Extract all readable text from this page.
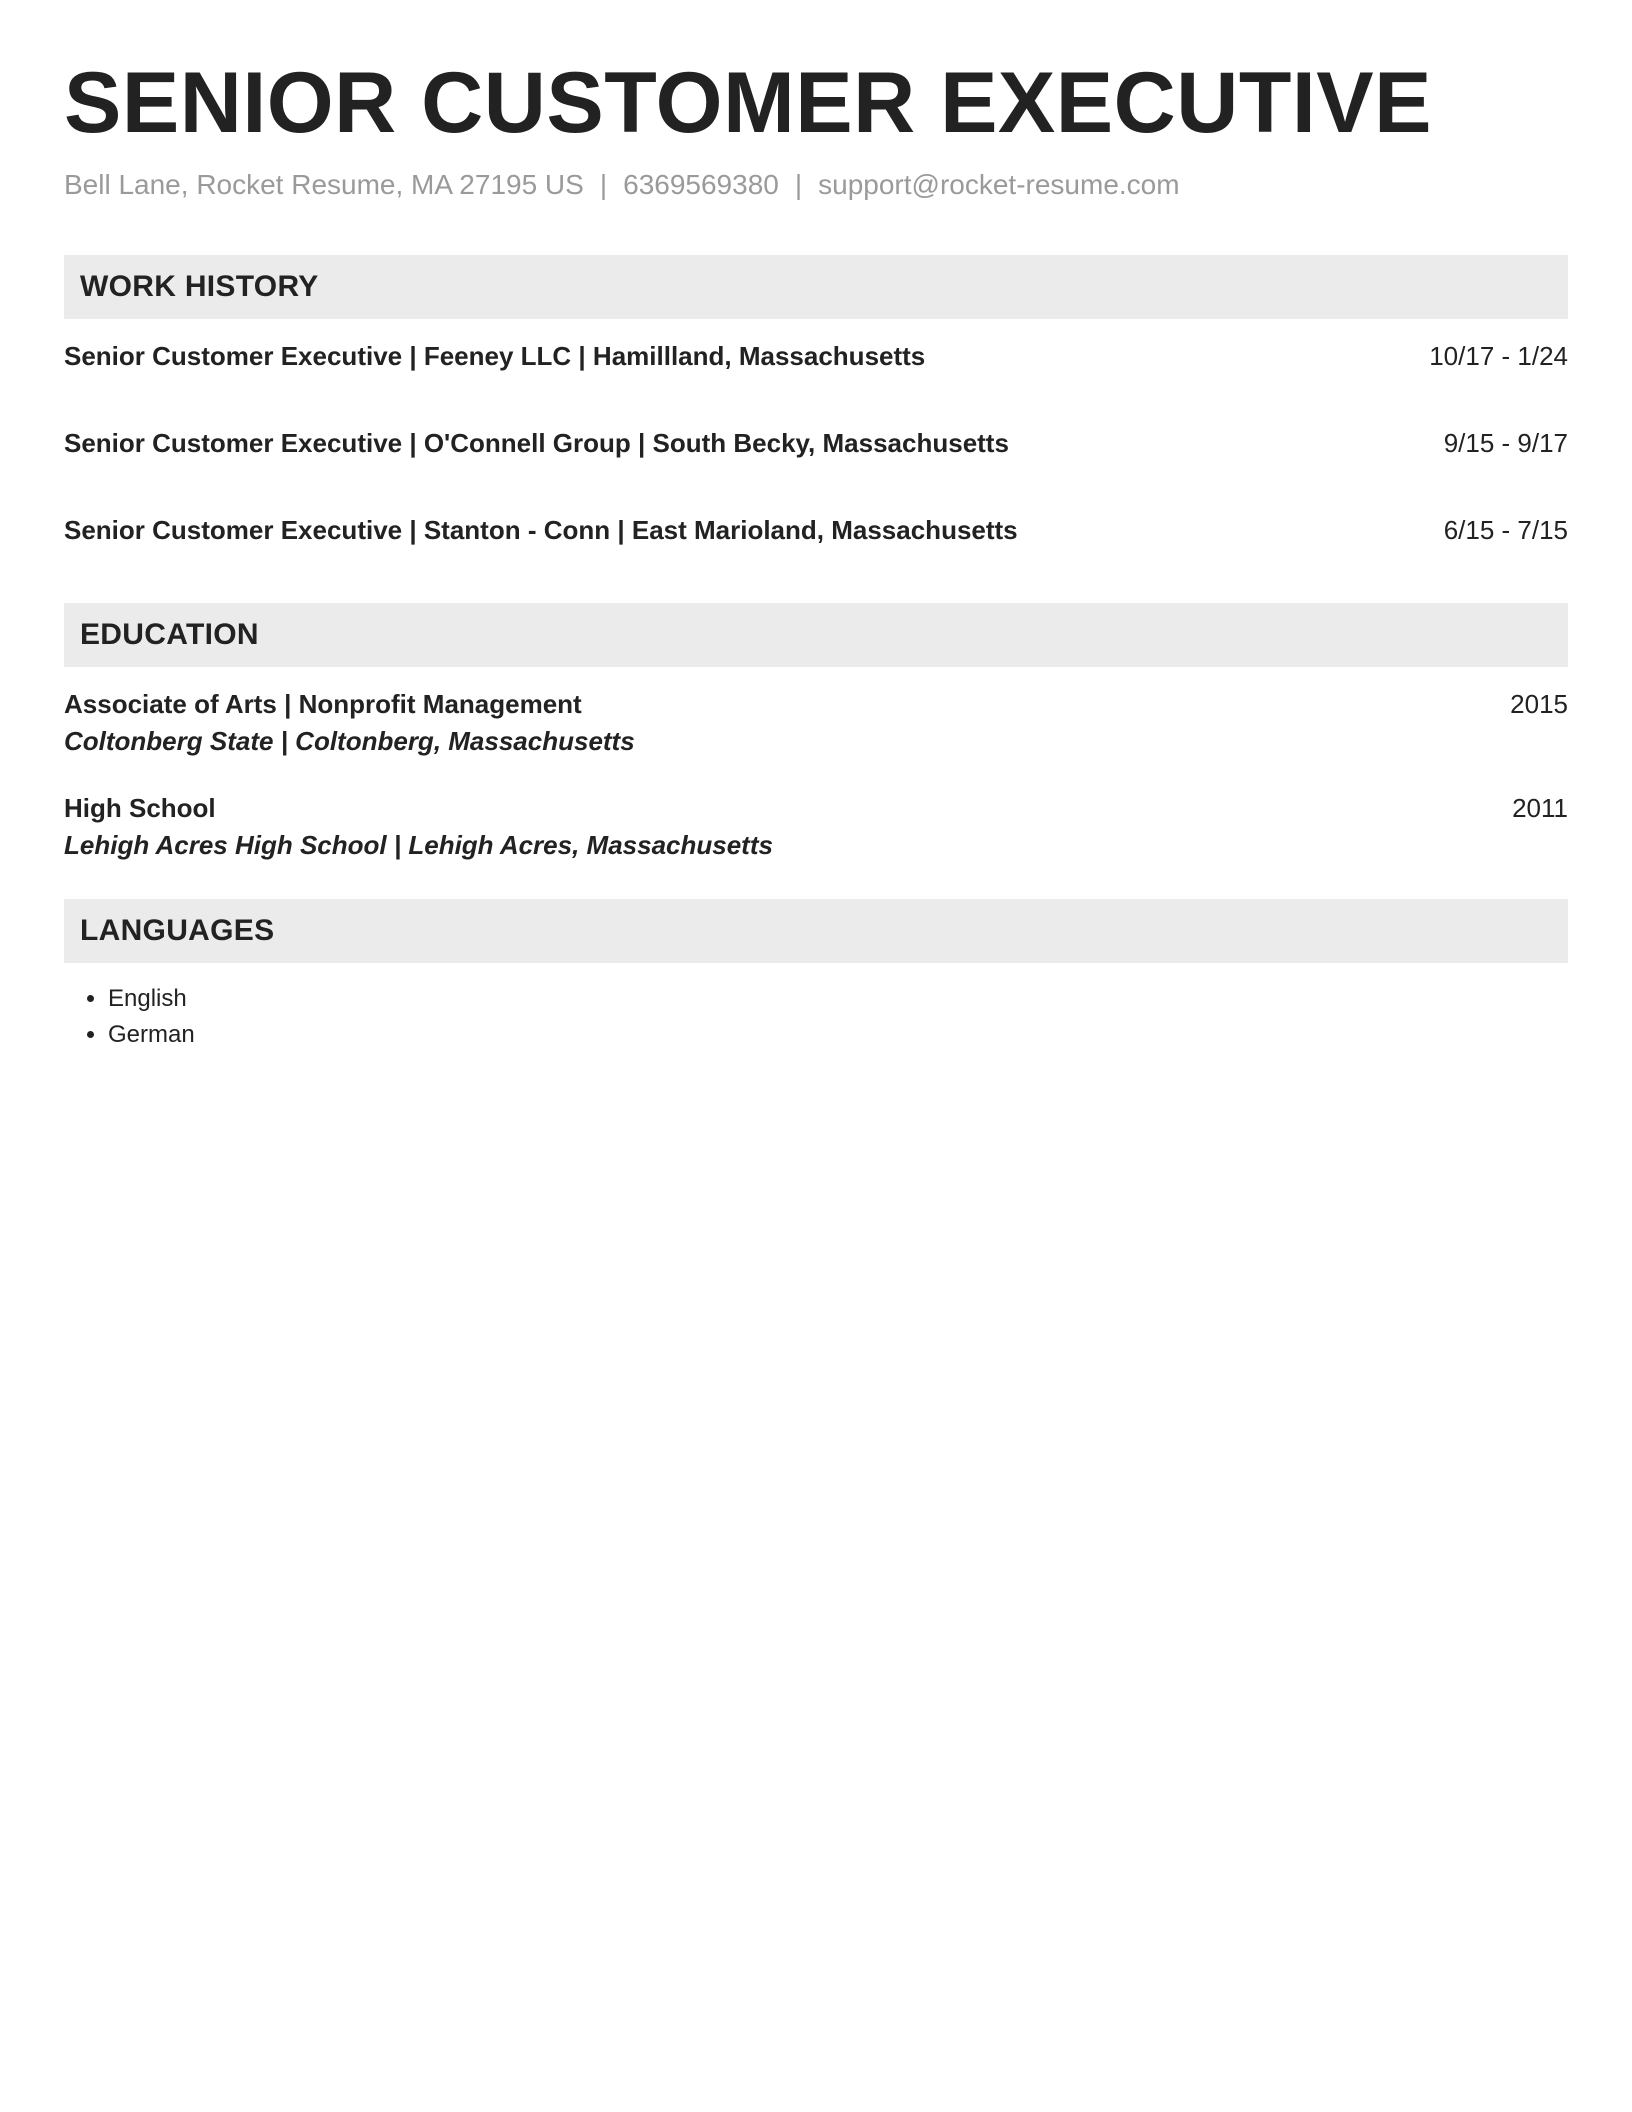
SENIOR CUSTOMER EXECUTIVE
Bell Lane, Rocket Resume, MA 27195 US | 6369569380 | support@rocket-resume.com
WORK HISTORY
Senior Customer Executive | Feeney LLC | Hamillland, Massachusetts	10/17 - 1/24
Senior Customer Executive | O'Connell Group | South Becky, Massachusetts	9/15 - 9/17
Senior Customer Executive | Stanton - Conn | East Marioland, Massachusetts	6/15 - 7/15
EDUCATION
Associate of Arts | Nonprofit Management	2015
Coltonberg State | Coltonberg, Massachusetts
High School	2011
Lehigh Acres High School | Lehigh Acres, Massachusetts
LANGUAGES
• English
• German
